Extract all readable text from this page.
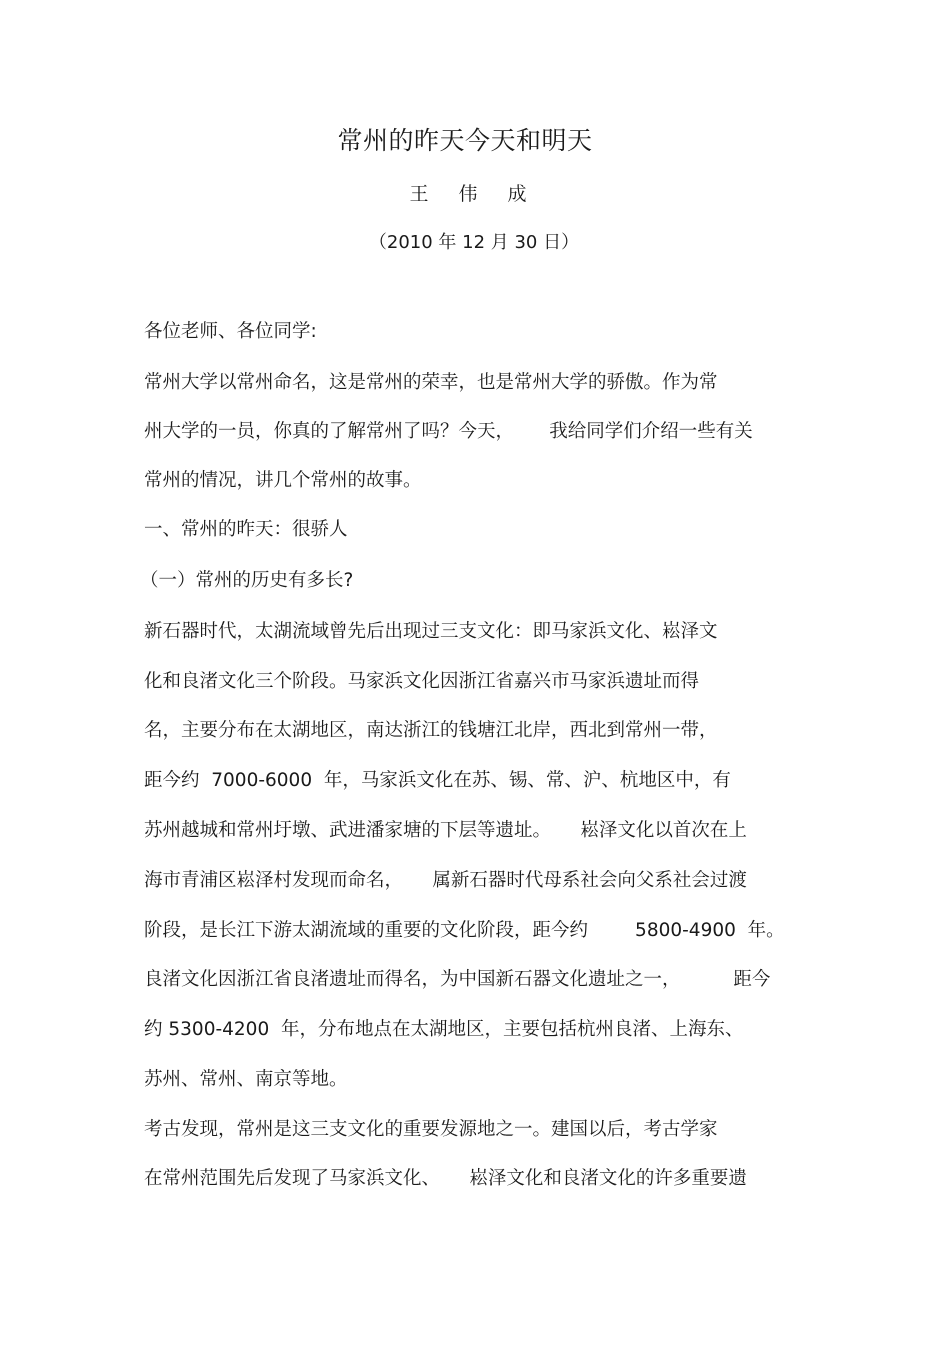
常州的昨天今天和明天
王 伟 成
（2010 年 12 月 30 日）
各位老师、各位同学:
常州大学以常州命名，这是常州的荣幸，也是常州大学的骄傲。作为常
州大学的一员，你真的了解常州了吗？今天，      我给同学们介绍一些有关
常州的情况，讲几个常州的故事。
一、常州的昨天：很骄人
（一）常州的历史有多长?
新石器时代，太湖流域曾先后出现过三支文化：即马家浜文化、崧泽文
化和良渚文化三个阶段。马家浜文化因浙江省嘉兴市马家浜遗址而得
名，主要分布在太湖地区，南达浙江的钱塘江北岸，西北到常州一带，
距今约  7000-6000  年，马家浜文化在苏、锡、常、沪、杭地区中，有
苏州越城和常州圩墩、武进潘家塘的下层等遗址。     崧泽文化以首次在上
海市青浦区崧泽村发现而命名，     属新石器时代母系社会向父系社会过渡
阶段，是长江下游太湖流域的重要的文化阶段，距今约        5800-4900  年。
良渚文化因浙江省良渚遗址而得名，为中国新石器文化遗址之一，         距今
约 5300-4200  年，分布地点在太湖地区，主要包括杭州良渚、上海东、
苏州、常州、南京等地。
考古发现，常州是这三支文化的重要发源地之一。建国以后，考古学家
在常州范围先后发现了马家浜文化、     崧泽文化和良渚文化的许多重要遗
